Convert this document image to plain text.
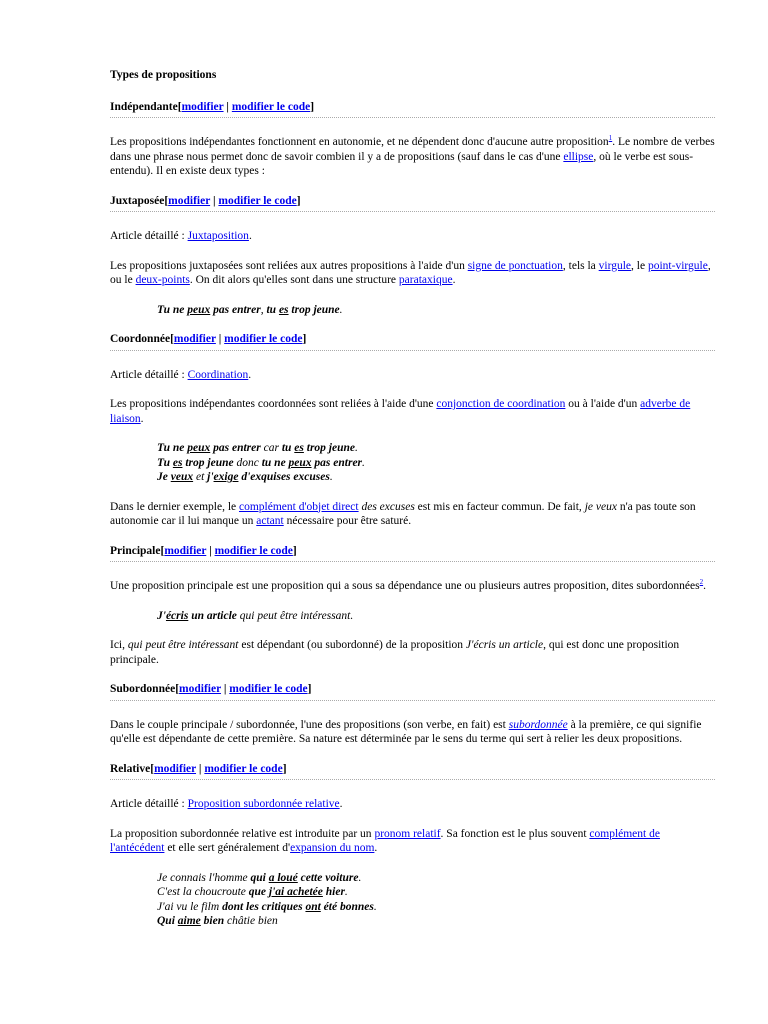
Types de propositions

Indépendante[modifier | modifier le code]

Les propositions indépendantes fonctionnent en autonomie, et ne dépendent donc d'aucune autre proposition$^1$. Le nombre de verbes dans une phrase nous permet donc de savoir combien il y a de propositions (sauf dans le cas d'une ellipse, où le verbe est sous-entendu). Il en existe deux types :

Juxtaposée[modifier | modifier le code]

Article détaillé : Juxtaposition.

Les propositions juxtaposées sont reliées aux autres propositions à l'aide d'un signe de ponctuation, tels la virgule, le point-virgule, ou le deux-points. On dit alors qu'elles sont dans une structure parataxique.

Tu ne peux pas entrer, tu es trop jeune.

Coordonnée[modifier | modifier le code]

Article détaillé : Coordination.

Les propositions indépendantes coordonnées sont reliées à l'aide d'une conjonction de coordination ou à l'aide d'un adverbe de liaison.

Tu ne peux pas entrer car tu es trop jeune.

Tu es trop jeune donc tu ne peux pas entrer.

Je veux et j'exige d'exquises excuses.

Dans le dernier exemple, le complément d'objet direct des excuses est mis en facteur commun. De fait, je veux n'a pas toute son autonomie car il lui manque un actant nécessaire pour être saturé.

Principale[modifier | modifier le code]

Une proposition principale est une proposition qui a sous sa dépendance une ou plusieurs autres proposition, dites subordonnées$^2$.

J'écris un article qui peut être intéressant.

Ici, qui peut être intéressant est dépendant (ou subordonné) de la proposition J'écris un article, qui est donc une proposition principale.

Subordonnée[modifier | modifier le code]

Dans le couple principale / subordonnée, l'une des propositions (son verbe, en fait) est subordonnée à la première, ce qui signifie qu'elle est dépendante de cette première. Sa nature est déterminée par le sens du terme qui sert à relier les deux propositions.

Relative[modifier | modifier le code]

Article détaillé : Proposition subordonnée relative.

La proposition subordonnée relative est introduite par un pronom relatif. Sa fonction est le plus souvent complément de l'antécédent et elle sert généralement d'expansion du nom.

Je connais l'homme qui a loué cette voiture.

C'est la choucroute que j'ai achetée hier.

J'ai vu le film dont les critiques ont été bonnes.

Qui aime bien châtie bien
